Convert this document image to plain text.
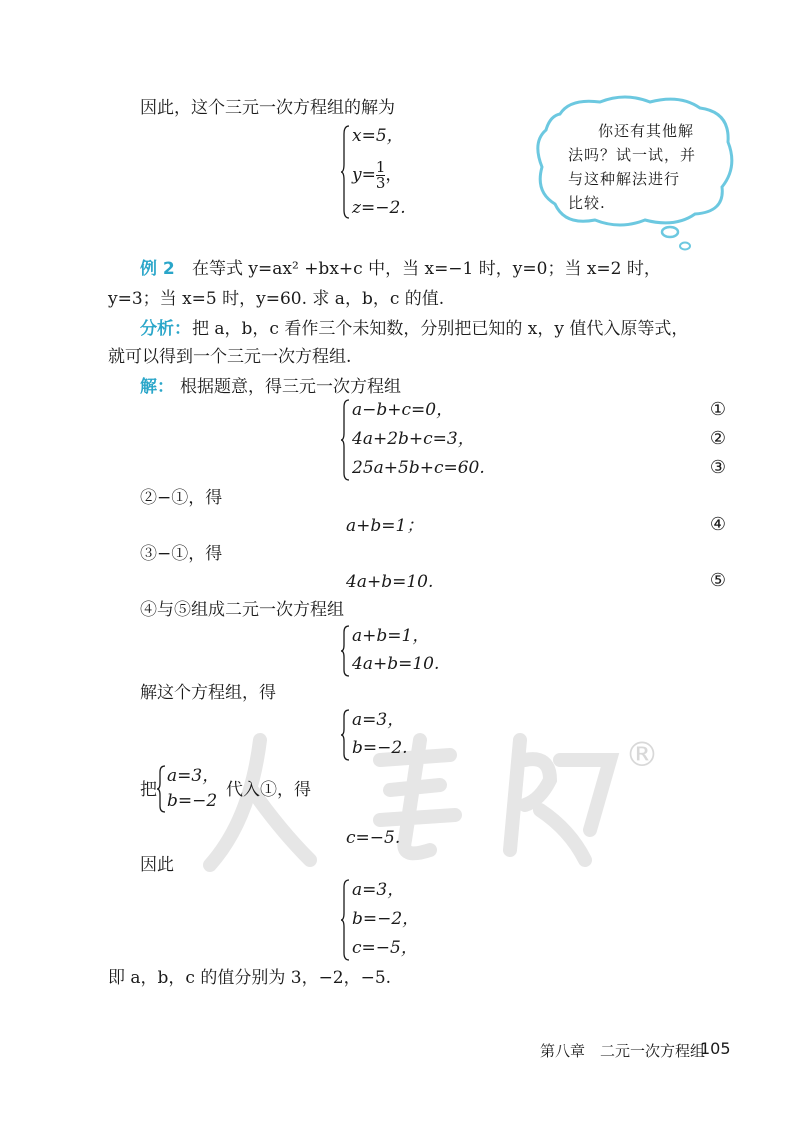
®
因此，这个三元一次方程组的解为
x=5，
$y= \frac{1}{3}$ ，
z=−2.
你还有其他解
法吗？试一试，并
与这种解法进行
比较.
例 2 在等式 y=ax² +bx+c 中，当 x=−1 时，y=0；当 x=2 时，
y=3；当 x=5 时，y=60. 求 a，b，c 的值.
分析： 把 a，b，c 看作三个未知数，分别把已知的 x，y 值代入原等式，
就可以得到一个三元一次方程组.
解： 根据题意，得三元一次方程组
a−b+c=0，
4a+2b+c=3，
25a+5b+c=60.
①
②
③
②−①，得
a+b=1；	④
③−①，得
4a+b=10.	⑤
④与⑤组成二元一次方程组
a+b=1，
4a+b=10.
解这个方程组，得
a=3，
b=−2.
把
a=3，
b=−2
代入①，得
c=−5.
因此
a=3，
b=−2，
c=−5，
即 a，b，c 的值分别为 3，−2，−5.
第八章　二元一次方程组
105
